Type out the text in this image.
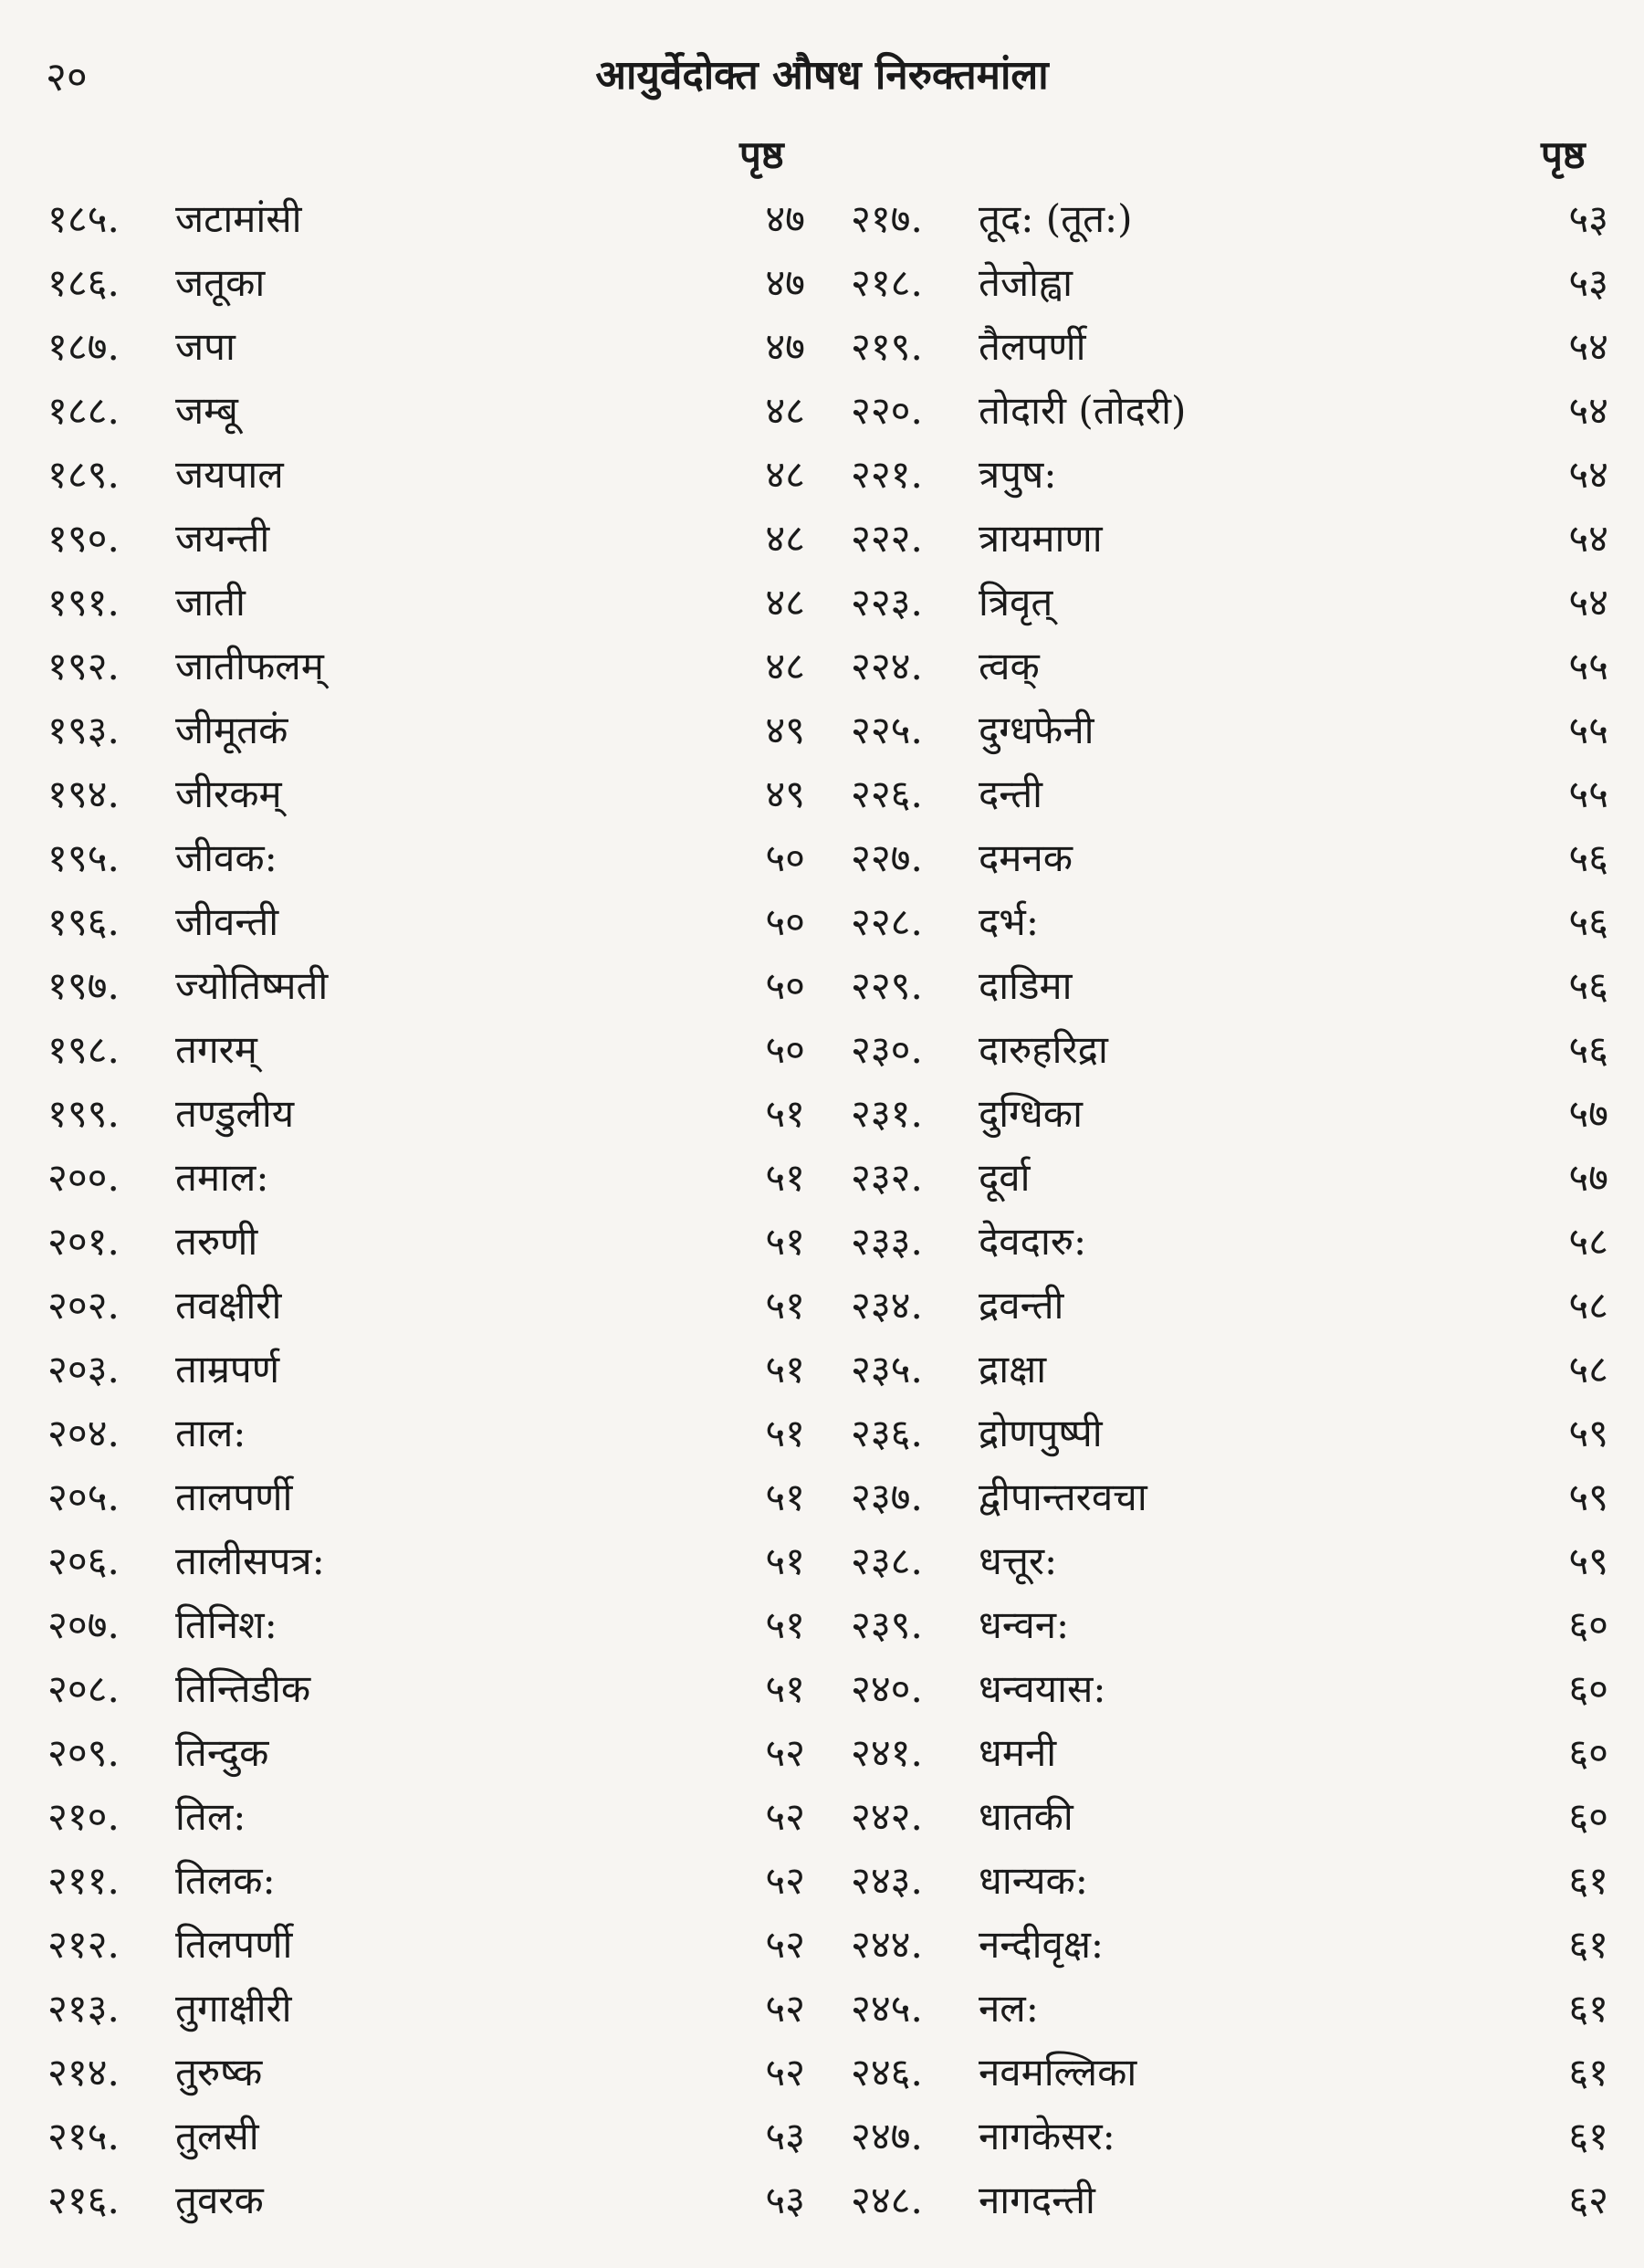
२०	आयुर्वेदोक्त औषध निरुक्तमांला
पृष्ठ	पृष्ठ
१८५.	जटामांसी	४७
१८६.	जतूका	४७
१८७.	जपा	४७
१८८.	जम्बू	४८
१८९.	जयपाल	४८
१९०.	जयन्ती	४८
१९१.	जाती	४८
१९२.	जातीफलम्	४८
१९३.	जीमूतकं	४९
१९४.	जीरकम्	४९
१९५.	जीवक:	५०
१९६.	जीवन्ती	५०
१९७.	ज्योतिष्मती	५०
१९८.	तगरम्	५०
१९९.	तण्डुलीय	५१
२००.	तमाल:	५१
२०१.	तरुणी	५१
२०२.	तवक्षीरी	५१
२०३.	ताम्रपर्ण	५१
२०४.	ताल:	५१
२०५.	तालपर्णी	५१
२०६.	तालीसपत्र:	५१
२०७.	तिनिश:	५१
२०८.	तिन्तिडीक	५१
२०९.	तिन्दुक	५२
२१०.	तिल:	५२
२११.	तिलक:	५२
२१२.	तिलपर्णी	५२
२१३.	तुगाक्षीरी	५२
२१४.	तुरुष्क	५२
२१५.	तुलसी	५३
२१६.	तुवरक	५३
२१७.	तूद: (तूत:)	५३
२१८.	तेजोह्वा	५३
२१९.	तैलपर्णी	५४
२२०.	तोदारी (तोदरी)	५४
२२१.	त्रपुष:	५४
२२२.	त्रायमाणा	५४
२२३.	त्रिवृत्	५४
२२४.	त्वक्	५५
२२५.	दुग्धफेनी	५५
२२६.	दन्ती	५५
२२७.	दमनक	५६
२२८.	दर्भ:	५६
२२९.	दाडिमा	५६
२३०.	दारुहरिद्रा	५६
२३१.	दुग्धिका	५७
२३२.	दूर्वा	५७
२३३.	देवदारु:	५८
२३४.	द्रवन्ती	५८
२३५.	द्राक्षा	५८
२३६.	द्रोणपुष्पी	५९
२३७.	द्वीपान्तरवचा	५९
२३८.	धत्तूर:	५९
२३९.	धन्वन:	६०
२४०.	धन्वयास:	६०
२४१.	धमनी	६०
२४२.	धातकी	६०
२४३.	धान्यक:	६१
२४४.	नन्दीवृक्ष:	६१
२४५.	नल:	६१
२४६.	नवमल्लिका	६१
२४७.	नागकेसर:	६१
२४८.	नागदन्ती	६२
